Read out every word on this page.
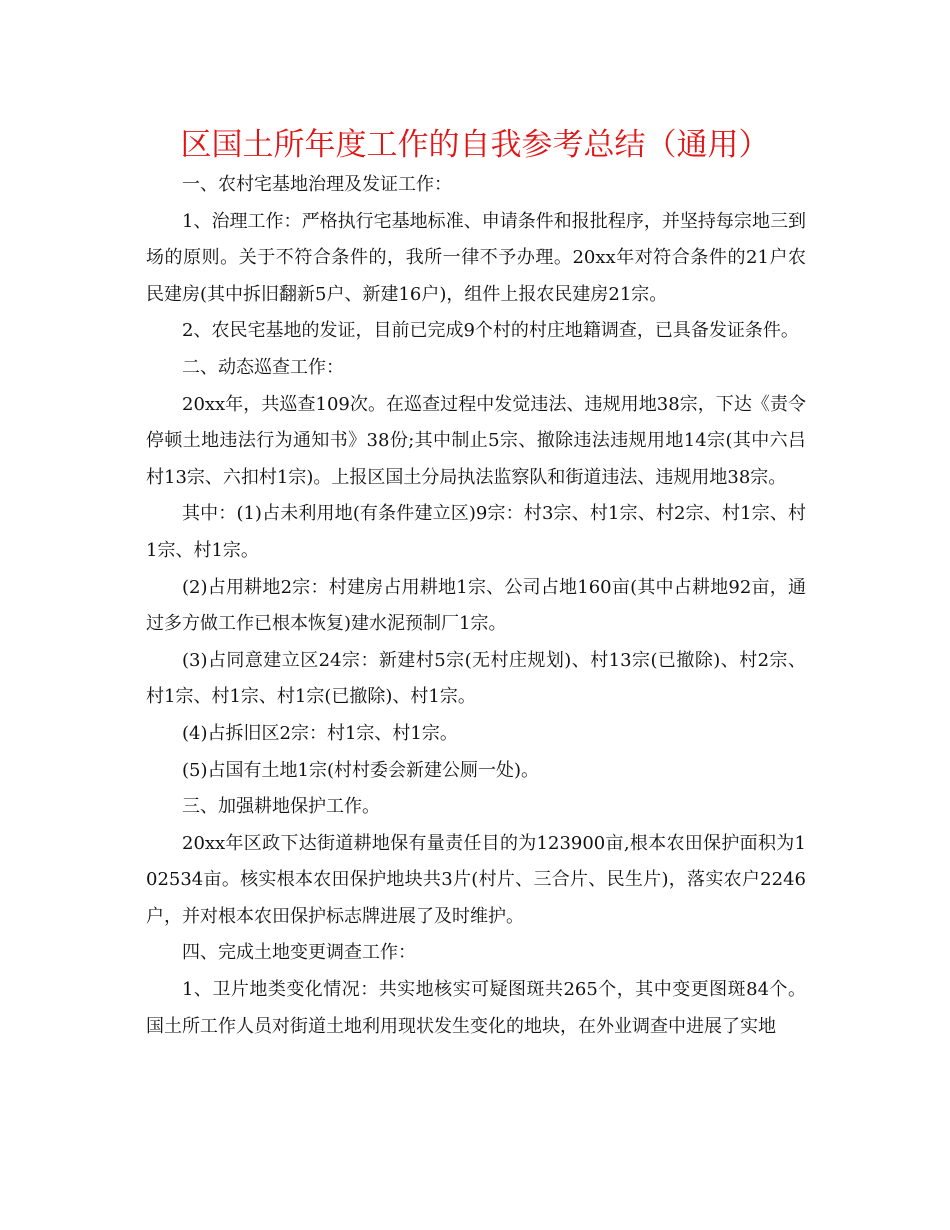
区国土所年度工作的自我参考总结（通用）

一、农村宅基地治理及发证工作：

1、治理工作：严格执行宅基地标准、申请条件和报批程序，并坚持每宗地三到场的原则。关于不符合条件的，我所一律不予办理。20xx年对符合条件的21户农民建房(其中拆旧翻新5户、新建16户)，组件上报农民建房21宗。

2、农民宅基地的发证，目前已完成9个村的村庄地籍调查，已具备发证条件。

二、动态巡查工作：

20xx年，共巡查109次。在巡查过程中发觉违法、违规用地38宗，下达《责令停顿土地违法行为通知书》38份;其中制止5宗、撤除违法违规用地14宗(其中六吕村13宗、六扣村1宗)。上报区国土分局执法监察队和街道违法、违规用地38宗。

其中：(1)占未利用地(有条件建立区)9宗：村3宗、村1宗、村2宗、村1宗、村1宗、村1宗。

(2)占用耕地2宗：村建房占用耕地1宗、公司占地160亩(其中占耕地92亩，通过多方做工作已根本恢复)建水泥预制厂1宗。

(3)占同意建立区24宗：新建村5宗(无村庄规划)、村13宗(已撤除)、村2宗、村1宗、村1宗、村1宗(已撤除)、村1宗。

(4)占拆旧区2宗：村1宗、村1宗。

(5)占国有土地1宗(村村委会新建公厕一处)。

三、加强耕地保护工作。

20xx年区政下达街道耕地保有量责任目的为123900亩,根本农田保护面积为102534亩。核实根本农田保护地块共3片(村片、三合片、民生片)，落实农户2246户，并对根本农田保护标志牌进展了及时维护。

四、完成土地变更调查工作：

1、卫片地类变化情况：共实地核实可疑图斑共265个，其中变更图斑84个。国土所工作人员对街道土地利用现状发生变化的地块，在外业调查中进展了实地
